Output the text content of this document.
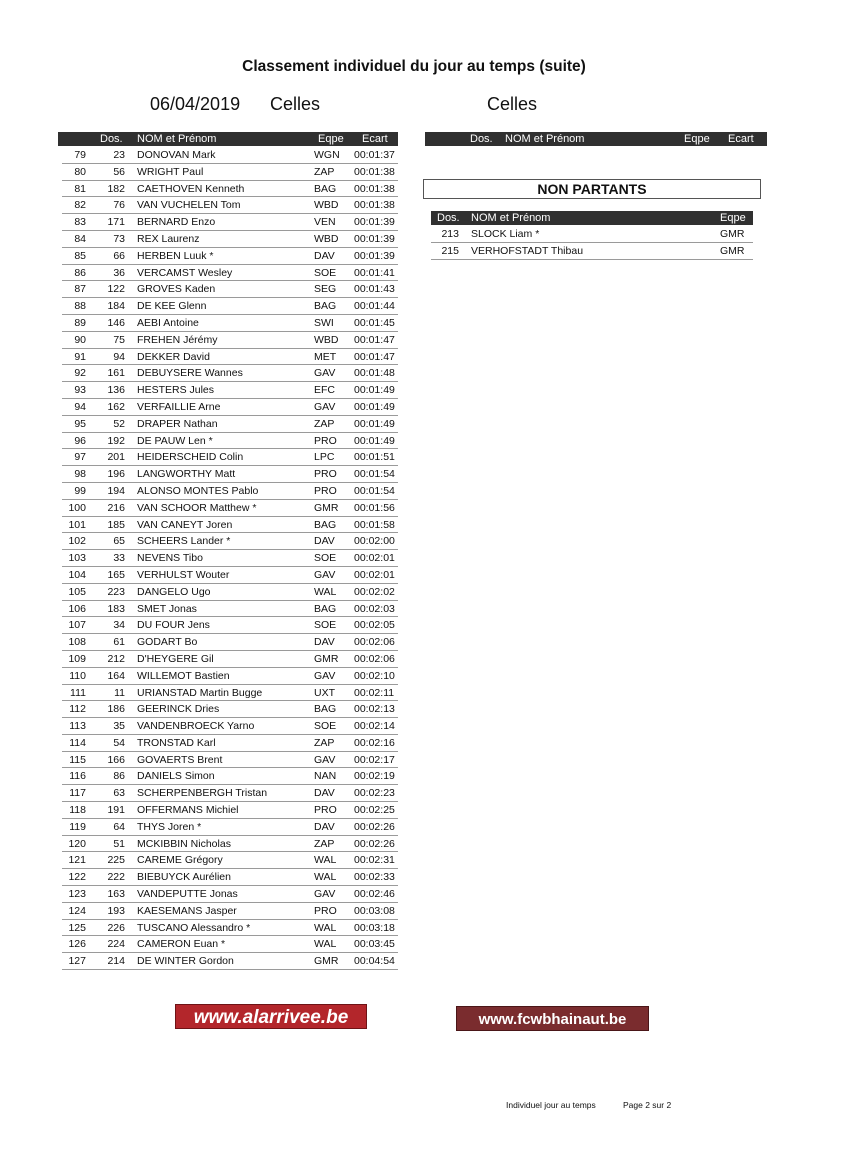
Classement individuel du jour au temps (suite)
06/04/2019 Celles	Celles
Dos. NOM et Prénom	Eqpe Ecart
79	23 DONOVAN Mark	WGN 00:01:37
80	56 WRIGHT Paul	ZAP 00:01:38
81	182 CAETHOVEN Kenneth	BAG 00:01:38
82	76 VAN VUCHELEN Tom	WBD 00:01:38
83	171 BERNARD Enzo	VEN 00:01:39
84	73 REX Laurenz	WBD 00:01:39
85	66 HERBEN Luuk *	DAV 00:01:39
86	36 VERCAMST Wesley	SOE 00:01:41
87	122 GROVES Kaden	SEG 00:01:43
88	184 DE KEE Glenn	BAG 00:01:44
89	146 AEBI Antoine	SWI 00:01:45
90	75 FREHEN Jérémy	WBD 00:01:47
91	94 DEKKER David	MET 00:01:47
92	161 DEBUYSERE Wannes	GAV 00:01:48
93	136 HESTERS Jules	EFC 00:01:49
94	162 VERFAILLIE Arne	GAV 00:01:49
95	52 DRAPER Nathan	ZAP 00:01:49
96	192 DE PAUW Len *	PRO 00:01:49
97	201 HEIDERSCHEID Colin	LPC 00:01:51
98	196 LANGWORTHY Matt	PRO 00:01:54
99	194 ALONSO MONTES Pablo	PRO 00:01:54
100	216 VAN SCHOOR Matthew *	GMR 00:01:56
101	185 VAN CANEYT Joren	BAG 00:01:58
102	65 SCHEERS Lander *	DAV 00:02:00
103	33 NEVENS Tibo	SOE 00:02:01
104	165 VERHULST Wouter	GAV 00:02:01
105	223 DANGELO Ugo	WAL 00:02:02
106	183 SMET Jonas	BAG 00:02:03
107	34 DU FOUR Jens	SOE 00:02:05
108	61 GODART Bo	DAV 00:02:06
109	212 D'HEYGERE Gil	GMR 00:02:06
110	164 WILLEMOT Bastien	GAV 00:02:10
111	11 URIANSTAD Martin Bugge	UXT 00:02:11
112	186 GEERINCK Dries	BAG 00:02:13
113	35 VANDENBROECK Yarno	SOE 00:02:14
114	54 TRONSTAD Karl	ZAP 00:02:16
115	166 GOVAERTS Brent	GAV 00:02:17
116	86 DANIELS Simon	NAN 00:02:19
117	63 SCHERPENBERGH Tristan	DAV 00:02:23
118	191 OFFERMANS Michiel	PRO 00:02:25
119	64 THYS Joren *	DAV 00:02:26
120	51 MCKIBBIN Nicholas	ZAP 00:02:26
121	225 CAREME Grégory	WAL 00:02:31
122	222 BIEBUYCK Aurélien	WAL 00:02:33
123	163 VANDEPUTTE Jonas	GAV 00:02:46
124	193 KAESEMANS Jasper	PRO 00:03:08
125	226 TUSCANO Alessandro *	WAL 00:03:18
126	224 CAMERON Euan *	WAL 00:03:45
127	214 DE WINTER Gordon	GMR 00:04:54
Dos. NOM et Prénom	Eqpe Ecart
NON PARTANTS
Dos. NOM et Prénom	Eqpe
213 SLOCK Liam *	GMR
215 VERHOFSTADT Thibau	GMR
www.alarrivee.be	www.fcwbhainaut.be
Individuel jour au temps	Page 2 sur 2
